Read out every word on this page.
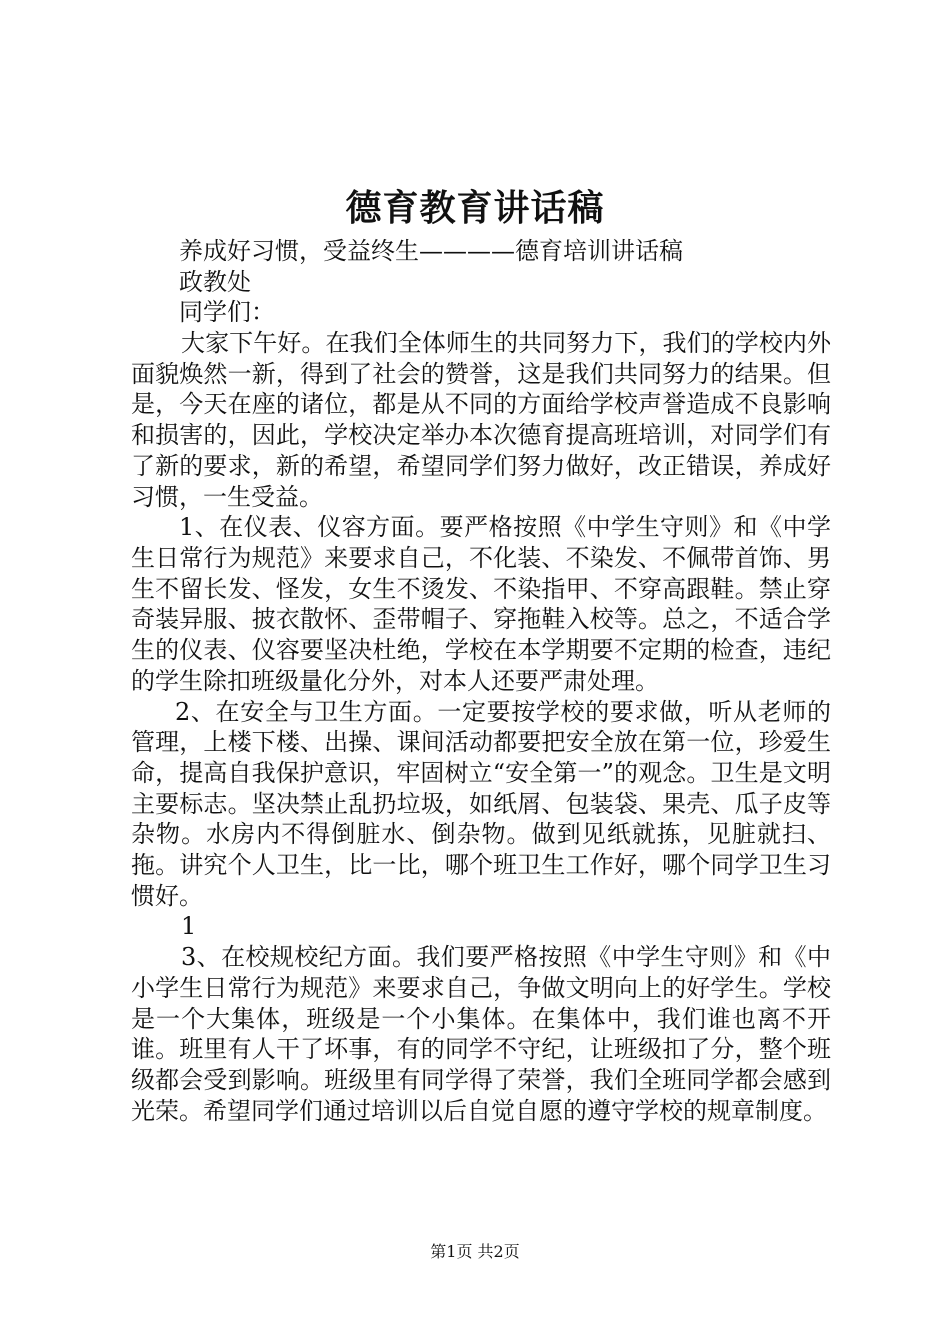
德育教育讲话稿
养成好习惯，受益终生————德育培训讲话稿
政教处
同学们：
大家下午好。在我们全体师生的共同努力下，我们的学校内外面貌焕然一新，得到了社会的赞誉，这是我们共同努力的结果。但是，今天在座的诸位，都是从不同的方面给学校声誉造成不良影响和损害的，因此，学校决定举办本次德育提高班培训，对同学们有了新的要求，新的希望，希望同学们努力做好，改正错误，养成好习惯，一生受益。
1、在仪表、仪容方面。要严格按照《中学生守则》和《中学生日常行为规范》来要求自己，不化装、不染发、不佩带首饰、男生不留长发、怪发，女生不烫发、不染指甲、不穿高跟鞋。禁止穿奇装异服、披衣散怀、歪带帽子、穿拖鞋入校等。总之，不适合学生的仪表、仪容要坚决杜绝，学校在本学期要不定期的检查，违纪的学生除扣班级量化分外，对本人还要严肃处理。
2、在安全与卫生方面。一定要按学校的要求做，听从老师的管理，上楼下楼、出操、课间活动都要把安全放在第一位，珍爱生命，提高自我保护意识，牢固树立“安全第一”的观念。卫生是文明主要标志。坚决禁止乱扔垃圾，如纸屑、包装袋、果壳、瓜子皮等杂物。水房内不得倒脏水、倒杂物。做到见纸就拣，见脏就扫、拖。讲究个人卫生，比一比，哪个班卫生工作好，哪个同学卫生习惯好。
1
3、在校规校纪方面。我们要严格按照《中学生守则》和《中小学生日常行为规范》来要求自己，争做文明向上的好学生。学校是一个大集体，班级是一个小集体。在集体中，我们谁也离不开谁。班里有人干了坏事，有的同学不守纪，让班级扣了分，整个班级都会受到影响。班级里有同学得了荣誉，我们全班同学都会感到光荣。希望同学们通过培训以后自觉自愿的遵守学校的规章制度。
第1页 共2页
